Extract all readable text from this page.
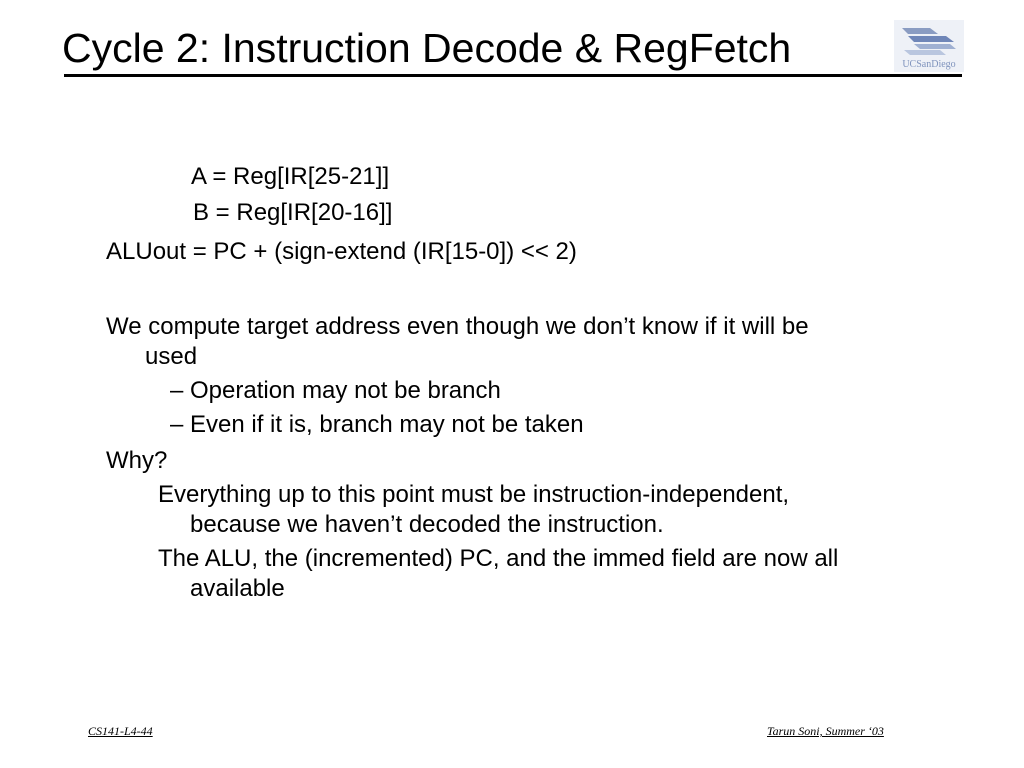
Cycle 2: Instruction Decode & RegFetch	UCSanDiego
A = Reg[IR[25-21]]
B = Reg[IR[20-16]]
ALUout = PC + (sign-extend (IR[15-0]) << 2)
We compute target address even though we don’t know if it will be
used
– Operation may not be branch
– Even if it is, branch may not be taken
Why?
Everything up to this point must be instruction-independent,
because we haven’t decoded the instruction.
The ALU, the (incremented) PC, and the immed field are now all
available
CS141-L4-44	Tarun Soni, Summer ‘03
